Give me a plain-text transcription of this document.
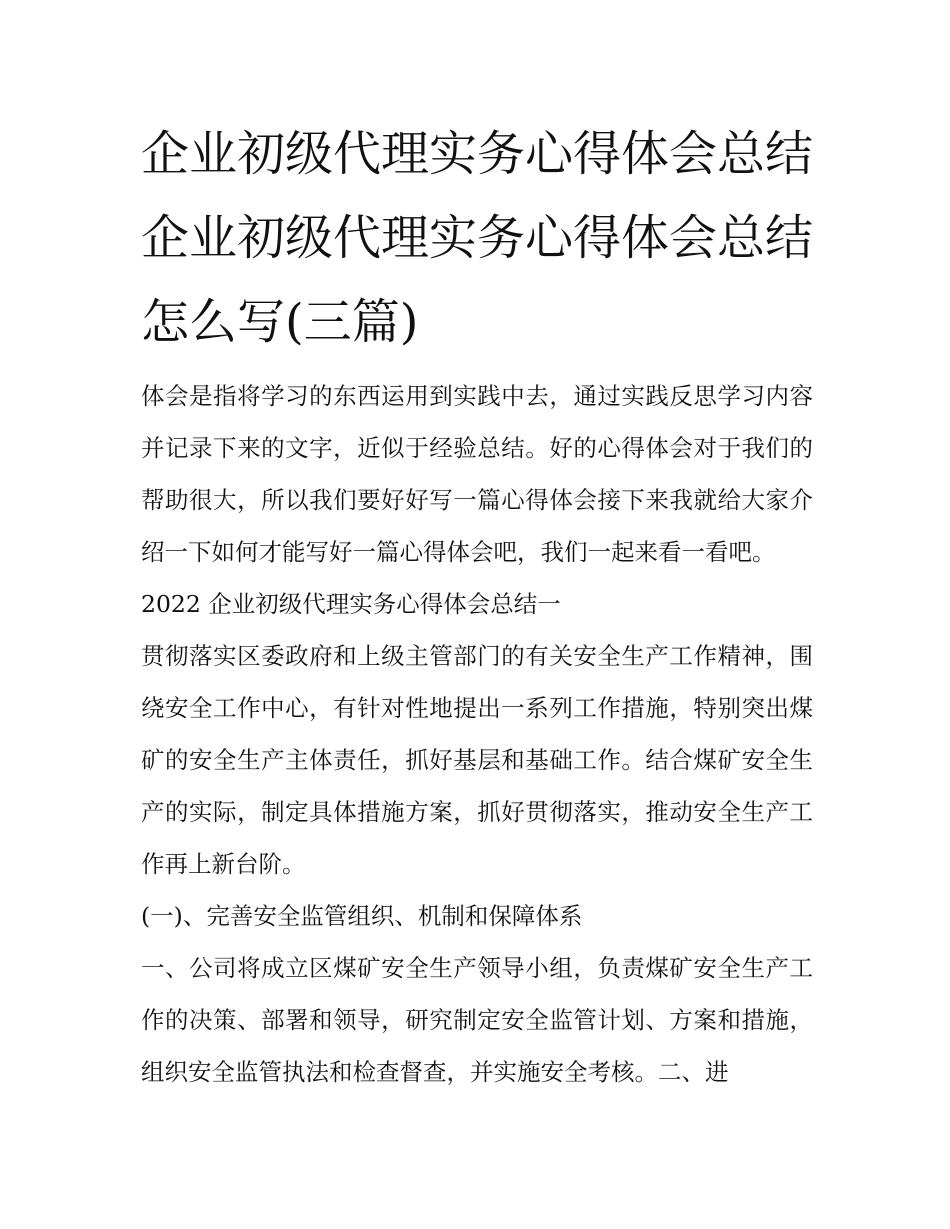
企业初级代理实务心得体会总结 企业初级代理实务心得体会总结怎么写(三篇)

体会是指将学习的东西运用到实践中去，通过实践反思学习内容并记录下来的文字，近似于经验总结。好的心得体会对于我们的帮助很大，所以我们要好好写一篇心得体会接下来我就给大家介绍一下如何才能写好一篇心得体会吧，我们一起来看一看吧。

2022 企业初级代理实务心得体会总结一

贯彻落实区委政府和上级主管部门的有关安全生产工作精神，围绕安全工作中心，有针对性地提出一系列工作措施，特别突出煤矿的安全生产主体责任，抓好基层和基础工作。结合煤矿安全生产的实际，制定具体措施方案，抓好贯彻落实，推动安全生产工作再上新台阶。

(一)、完善安全监管组织、机制和保障体系

一、公司将成立区煤矿安全生产领导小组，负责煤矿安全生产工作的决策、部署和领导，研究制定安全监管计划、方案和措施，组织安全监管执法和检查督查，并实施安全考核。二、进
